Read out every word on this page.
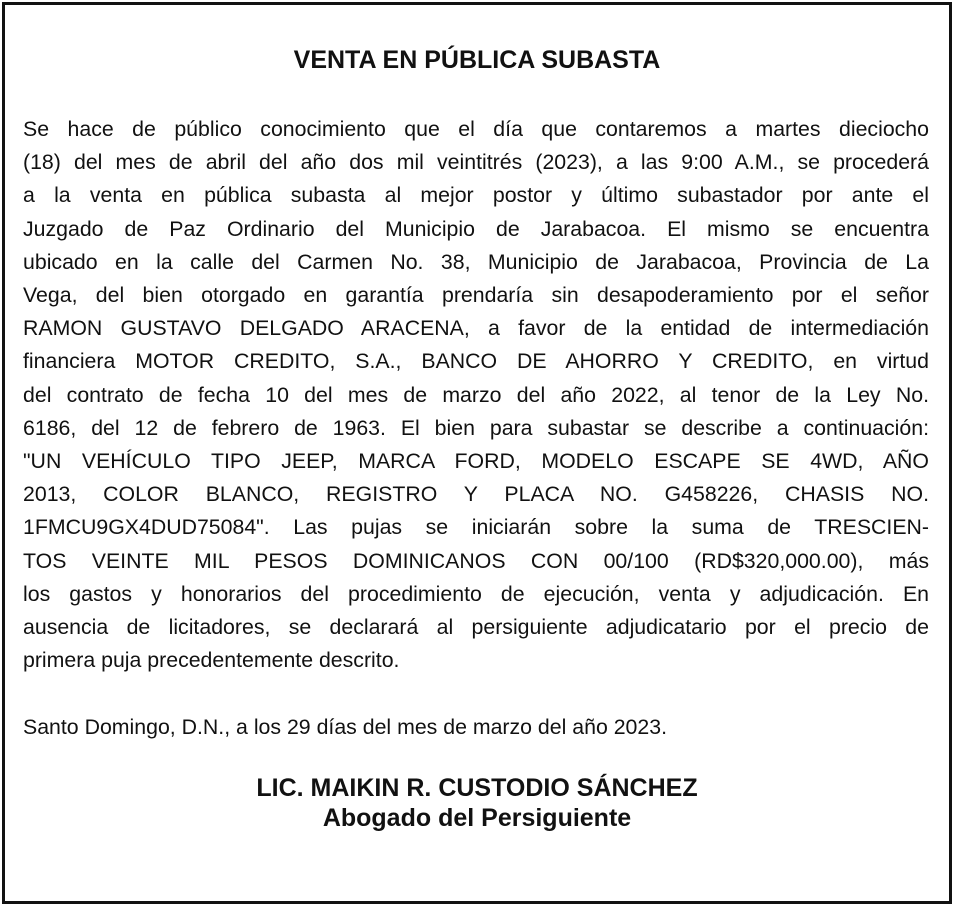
VENTA EN PÚBLICA SUBASTA
Se hace de público conocimiento que el día que contaremos a martes dieciocho
(18) del mes de abril del año dos mil veintitrés (2023), a las 9:00 A.M., se procederá
a la venta en pública subasta al mejor postor y último subastador por ante el
Juzgado de Paz Ordinario del Municipio de Jarabacoa. El mismo se encuentra
ubicado en la calle del Carmen No. 38, Municipio de Jarabacoa, Provincia de La
Vega, del bien otorgado en garantía prendaría sin desapoderamiento por el señor
RAMON GUSTAVO DELGADO ARACENA, a favor de la entidad de intermediación
financiera MOTOR CREDITO, S.A., BANCO DE AHORRO Y CREDITO, en virtud
del contrato de fecha 10 del mes de marzo del año 2022, al tenor de la Ley No.
6186, del 12 de febrero de 1963. El bien para subastar se describe a continuación:
"UN VEHÍCULO TIPO JEEP, MARCA FORD, MODELO ESCAPE SE 4WD, AÑO
2013, COLOR BLANCO, REGISTRO Y PLACA NO. G458226, CHASIS NO.
1FMCU9GX4DUD75084". Las pujas se iniciarán sobre la suma de TRESCIEN-
TOS VEINTE MIL PESOS DOMINICANOS CON 00/100 (RD$320,000.00), más
los gastos y honorarios del procedimiento de ejecución, venta y adjudicación. En
ausencia de licitadores, se declarará al persiguiente adjudicatario por el precio de
primera puja precedentemente descrito.

Santo Domingo, D.N., a los 29 días del mes de marzo del año 2023.

LIC. MAIKIN R. CUSTODIO SÁNCHEZ
Abogado del Persiguiente
